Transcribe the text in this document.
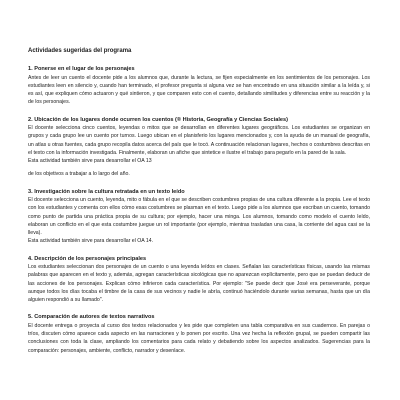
Actividades sugeridas del programa
1. Ponerse en el lugar de los personajes

Antes de leer un cuento el docente pide a los alumnos que, durante la lectura, se fijen especialmente en los sentimientos de los personajes. Los estudiantes leen en silencio y, cuando han terminado, el profesor pregunta si alguna vez se han encontrado en una situación similar a la leída y, si es así, que expliquen cómo actuaron y qué sintieron, y que comparen esto con el cuento, detallando similitudes y diferencias entre su reacción y la de los personajes.

2. Ubicación de los lugares donde ocurren los cuentos (® Historia, Geografía y Ciencias Sociales)

El docente selecciona cinco cuentos, leyendas o mitos que se desarrollan en diferentes lugares geográficos. Los estudiantes se organizan en grupos y cada grupo lee un cuento por turnos. Luego ubican en el planisferio los lugares mencionados y, con la ayuda de un manual de geografía, un atlas u otras fuentes, cada grupo recopila datos acerca del país que le tocó. A continuación relacionan lugares, hechos o costumbres descritas en el texto con la información investigada. Finalmente, elaboran un afiche que sintetice e ilustre el trabajo para pegarlo en la pared de la sala.

Esta actividad también sirve para desarrollar el OA 13

de los objetivos a trabajar a lo largo del año.

3. Investigación sobre la cultura retratada en un texto leído

El docente selecciona un cuento, leyenda, mito o fábula en el que se describen costumbres propias de una cultura diferente a la propia. Lee el texto con los estudiantes y comenta con ellos cómo esas costumbres se plasman en el texto. Luego pide a los alumnos que escriban un cuento, tomando como punto de partida una práctica propia de su cultura; por ejemplo, hacer una minga. Los alumnos, tomando como modelo el cuento leído, elaboran un conflicto en el que esta costumbre juegue un rol importante (por ejemplo, mientras trasladan una casa, la corriente del agua casi se la lleva).

Esta actividad también sirve para desarrollar el OA 14.

4. Descripción de los personajes principales

Los estudiantes seleccionan dos personajes de un cuento o una leyenda leídos en clases. Señalan las características físicas, usando las mismas palabras que aparecen en el texto y, además, agregan características sicológicas que no aparezcan explícitamente, pero que se puedan deducir de las acciones de los personajes. Explican cómo infirieron cada característica. Por ejemplo: "Se puede decir que José era perseverante, porque aunque todos los días tocaba el timbre de la casa de sus vecinos y nadie le abría, continuó haciéndolo durante varias semanas, hasta que un día alguien respondió a su llamado".

5. Comparación de autores de textos narrativos

El docente entrega o proyecta al curso dos textos relacionados y les pide que completen una tabla comparativa en sus cuadernos. En parejas o tríos, discuten cómo aparece cada aspecto en las narraciones y lo ponen por escrito. Una vez hecha la reflexión grupal, se pueden compartir las conclusiones con toda la clase, ampliando los comentarios para cada relato y debatiendo sobre los aspectos analizados. Sugerencias para la comparación: personajes, ambiente, conflicto, narrador y desenlace.
